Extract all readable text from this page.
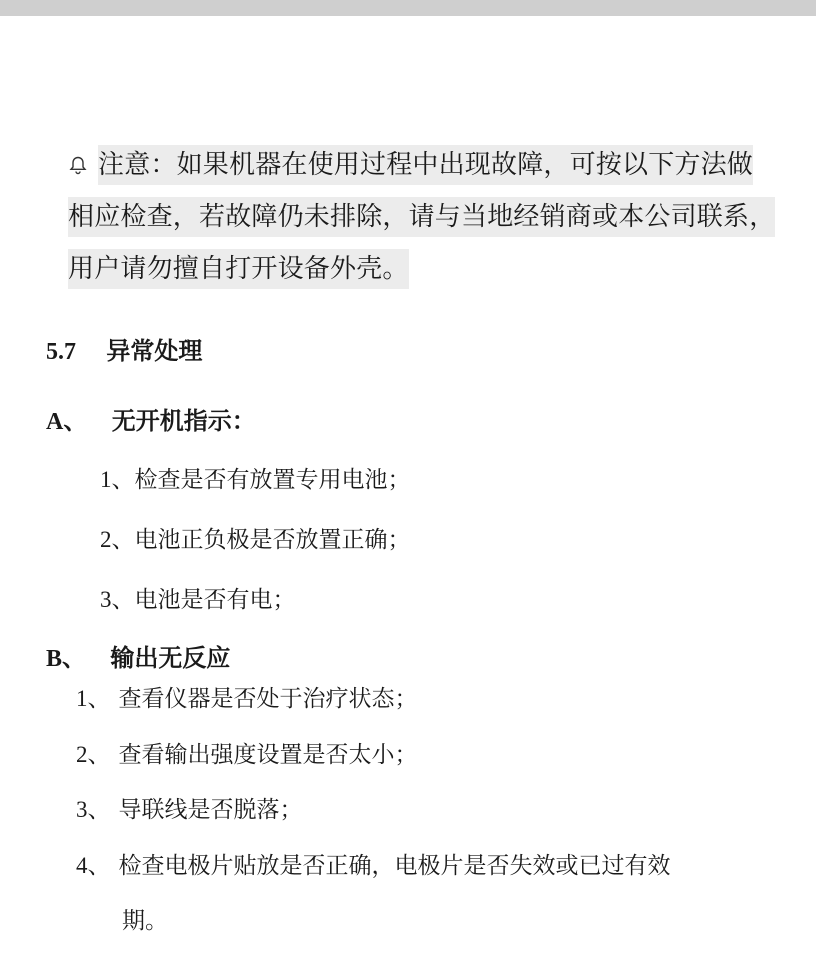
注意：如果机器在使用过程中出现故障，可按以下方法做
相应检查，若故障仍未排除，请与当地经销商或本公司联系，
用户请勿擅自打开设备外壳。
5.7 异常处理
A、 无开机指示：
1、检查是否有放置专用电池；
2、电池正负极是否放置正确；
3、电池是否有电；
B、 输出无反应
1、 查看仪器是否处于治疗状态；
2、 查看输出强度设置是否太小；
3、 导联线是否脱落；
4、 检查电极片贴放是否正确，电极片是否失效或已过有效
期。
